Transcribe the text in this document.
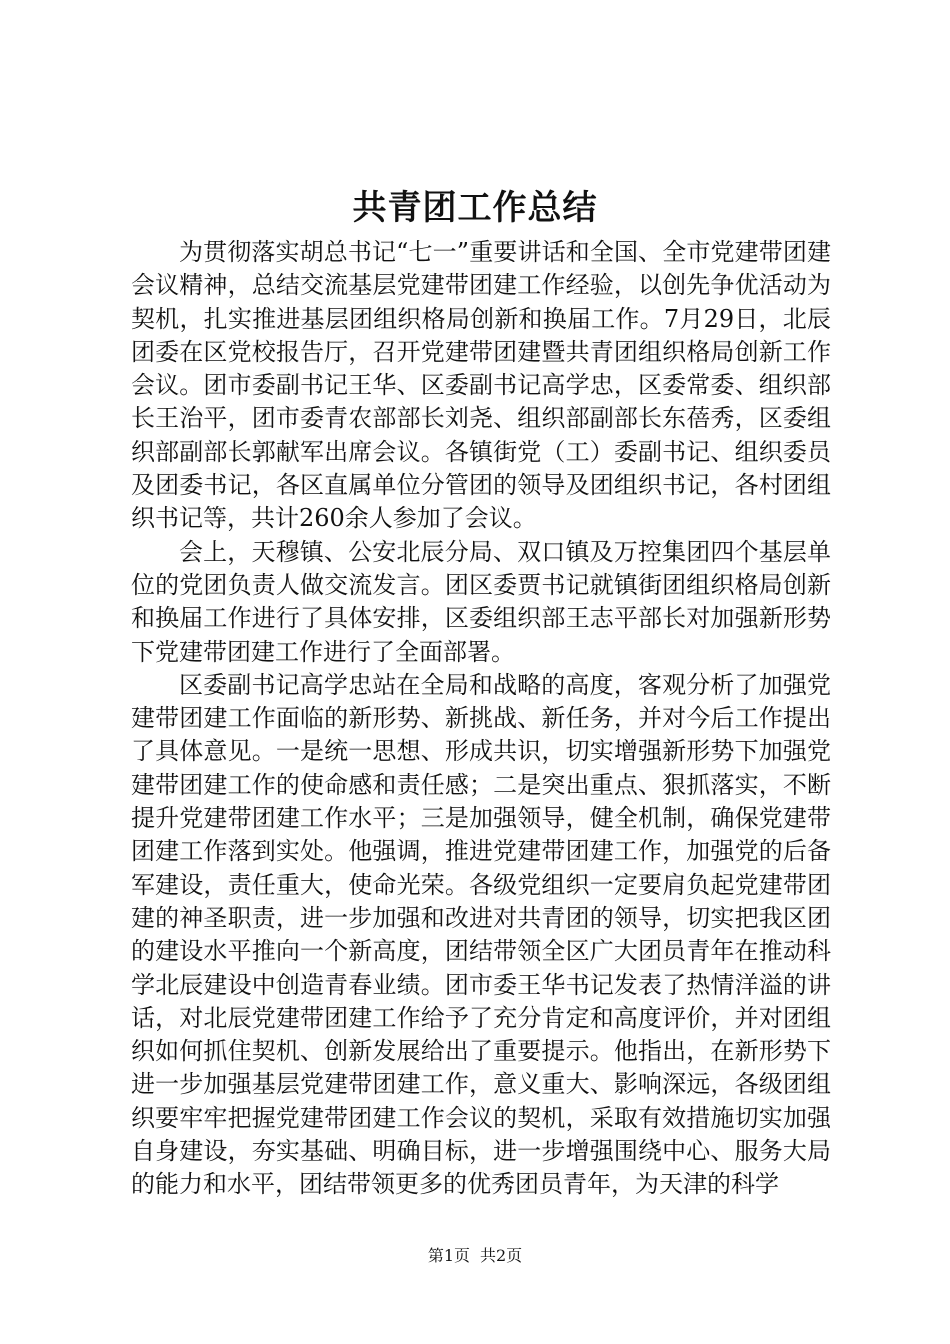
共青团工作总结

为贯彻落实胡总书记“七一”重要讲话和全国、全市党建带团建会议精神，总结交流基层党建带团建工作经验，以创先争优活动为契机，扎实推进基层团组织格局创新和换届工作。7月29日，北辰团委在区党校报告厅，召开党建带团建暨共青团组织格局创新工作会议。团市委副书记王华、区委副书记高学忠，区委常委、组织部长王治平，团市委青农部部长刘尧、组织部副部长东蓓秀，区委组织部副部长郭献军出席会议。各镇街党（工）委副书记、组织委员及团委书记，各区直属单位分管团的领导及团组织书记，各村团组织书记等，共计260余人参加了会议。

会上，天穆镇、公安北辰分局、双口镇及万控集团四个基层单位的党团负责人做交流发言。团区委贾书记就镇街团组织格局创新和换届工作进行了具体安排，区委组织部王志平部长对加强新形势下党建带团建工作进行了全面部署。

区委副书记高学忠站在全局和战略的高度，客观分析了加强党建带团建工作面临的新形势、新挑战、新任务，并对今后工作提出了具体意见。一是统一思想、形成共识，切实增强新形势下加强党建带团建工作的使命感和责任感；二是突出重点、狠抓落实，不断提升党建带团建工作水平；三是加强领导，健全机制，确保党建带团建工作落到实处。他强调，推进党建带团建工作，加强党的后备军建设，责任重大，使命光荣。各级党组织一定要肩负起党建带团建的神圣职责，进一步加强和改进对共青团的领导，切实把我区团的建设水平推向一个新高度，团结带领全区广大团员青年在推动科学北辰建设中创造青春业绩。团市委王华书记发表了热情洋溢的讲话，对北辰党建带团建工作给予了充分肯定和高度评价，并对团组织如何抓住契机、创新发展给出了重要提示。他指出，在新形势下进一步加强基层党建带团建工作，意义重大、影响深远，各级团组织要牢牢把握党建带团建工作会议的契机，采取有效措施切实加强自身建设，夯实基础、明确目标，进一步增强围绕中心、服务大局的能力和水平，团结带领更多的优秀团员青年，为天津的科学

第1页 共2页
